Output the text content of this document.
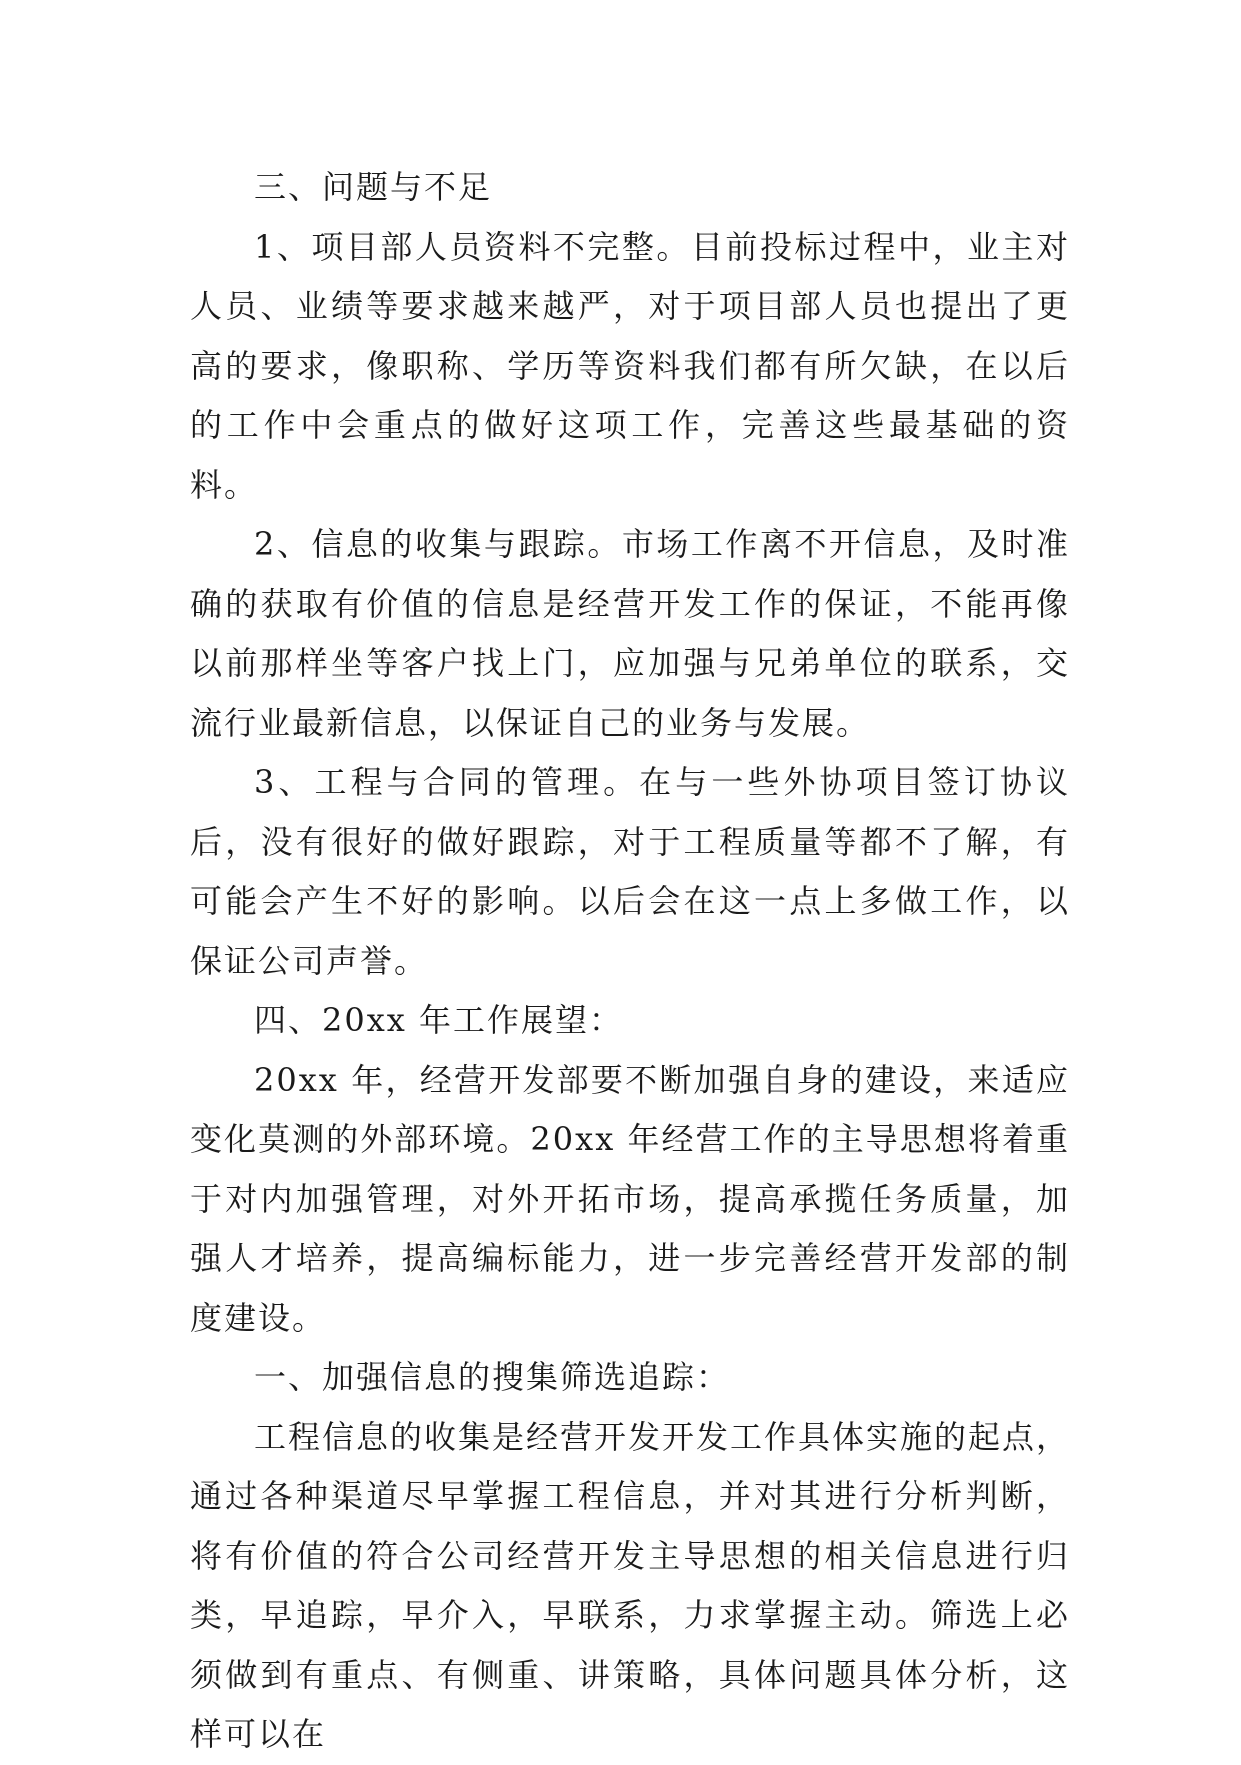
三、问题与不足

1、项目部人员资料不完整。目前投标过程中，业主对人员、业绩等要求越来越严，对于项目部人员也提出了更高的要求，像职称、学历等资料我们都有所欠缺，在以后的工作中会重点的做好这项工作，完善这些最基础的资料。

2、信息的收集与跟踪。市场工作离不开信息，及时准确的获取有价值的信息是经营开发工作的保证，不能再像以前那样坐等客户找上门，应加强与兄弟单位的联系，交流行业最新信息，以保证自己的业务与发展。

3、工程与合同的管理。在与一些外协项目签订协议后，没有很好的做好跟踪，对于工程质量等都不了解，有可能会产生不好的影响。以后会在这一点上多做工作，以保证公司声誉。

四、20xx 年工作展望：

20xx 年，经营开发部要不断加强自身的建设，来适应变化莫测的外部环境。20xx 年经营工作的主导思想将着重于对内加强管理，对外开拓市场，提高承揽任务质量，加强人才培养，提高编标能力，进一步完善经营开发部的制度建设。

一、加强信息的搜集筛选追踪：

工程信息的收集是经营开发开发工作具体实施的起点，通过各种渠道尽早掌握工程信息，并对其进行分析判断，将有价值的符合公司经营开发主导思想的相关信息进行归类，早追踪，早介入，早联系，力求掌握主动。筛选上必须做到有重点、有侧重、讲策略，具体问题具体分析，这样可以在
